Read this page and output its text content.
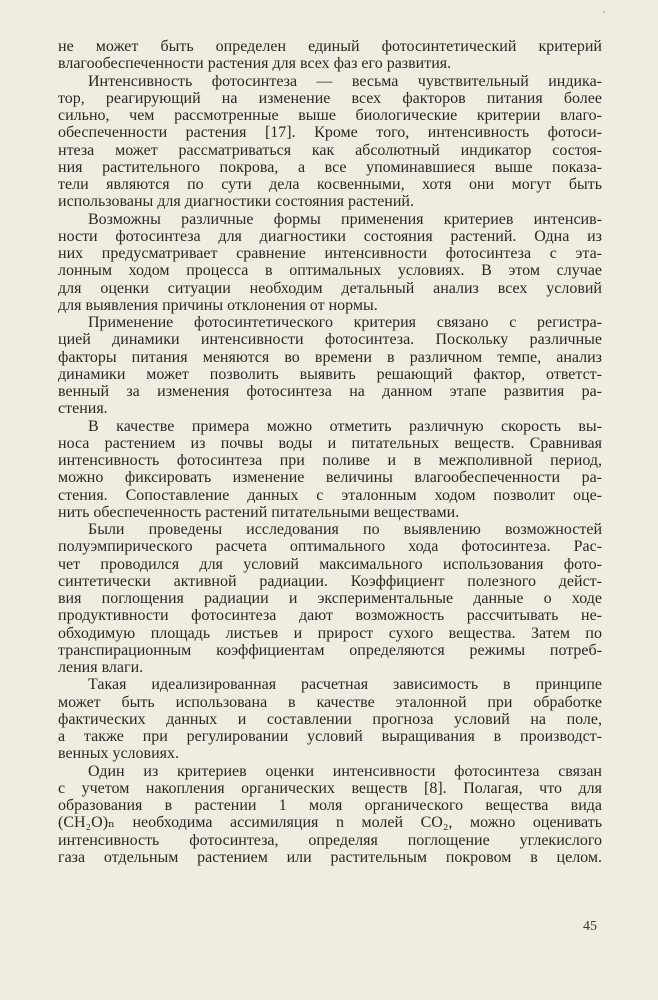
не может быть определен единый фотосинтетический критерий
влагообеспеченности растения для всех фаз его развития.
Интенсивность фотосинтеза — весьма чувствительный индика-
тор, реагирующий на изменение всех факторов питания более
сильно, чем рассмотренные выше биологические критерии влаго-
обеспеченности растения [17]. Кроме того, интенсивность фотоси-
нтеза может рассматриваться как абсолютный индикатор состоя-
ния растительного покрова, а все упоминавшиеся выше показа-
тели являются по сути дела косвенными, хотя они могут быть
использованы для диагностики состояния растений.
Возможны различные формы применения критериев интенсив-
ности фотосинтеза для диагностики состояния растений. Одна из
них предусматривает сравнение интенсивности фотосинтеза с эта-
лонным ходом процесса в оптимальных условиях. В этом случае
для оценки ситуации необходим детальный анализ всех условий
для выявления причины отклонения от нормы.
Применение фотосинтетического критерия связано с регистра-
цией динамики интенсивности фотосинтеза. Поскольку различные
факторы питания меняются во времени в различном темпе, анализ
динамики может позволить выявить решающий фактор, ответст-
венный за изменения фотосинтеза на данном этапе развития ра-
стения.
В качестве примера можно отметить различную скорость вы-
носа растением из почвы воды и питательных веществ. Сравнивая
интенсивность фотосинтеза при поливе и в межполивной период,
можно фиксировать изменение величины влагообеспеченности ра-
стения. Сопоставление данных с эталонным ходом позволит оце-
нить обеспеченность растений питательными веществами.
Были проведены исследования по выявлению возможностей
полуэмпирического расчета оптимального хода фотосинтеза. Рас-
чет проводился для условий максимального использования фото-
синтетически активной радиации. Коэффициент полезного дейст-
вия поглощения радиации и экспериментальные данные о ходе
продуктивности фотосинтеза дают возможность рассчитывать не-
обходимую площадь листьев и прирост сухого вещества. Затем по
транспирационным коэффициентам определяются режимы потреб-
ления влаги.
Такая идеализированная расчетная зависимость в принципе
может быть использована в качестве эталонной при обработке
фактических данных и составлении прогноза условий на поле,
а также при регулировании условий выращивания в производст-
венных условиях.
Один из критериев оценки интенсивности фотосинтеза связан
с учетом накопления органических веществ [8]. Полагая, что для
образования в растении 1 моля органического вещества вида
(CH₂O)ₙ необходима ассимиляция n молей CO₂, можно оценивать
интенсивность фотосинтеза, определяя поглощение углекислого
газа отдельным растением или растительным покровом в целом.
45
